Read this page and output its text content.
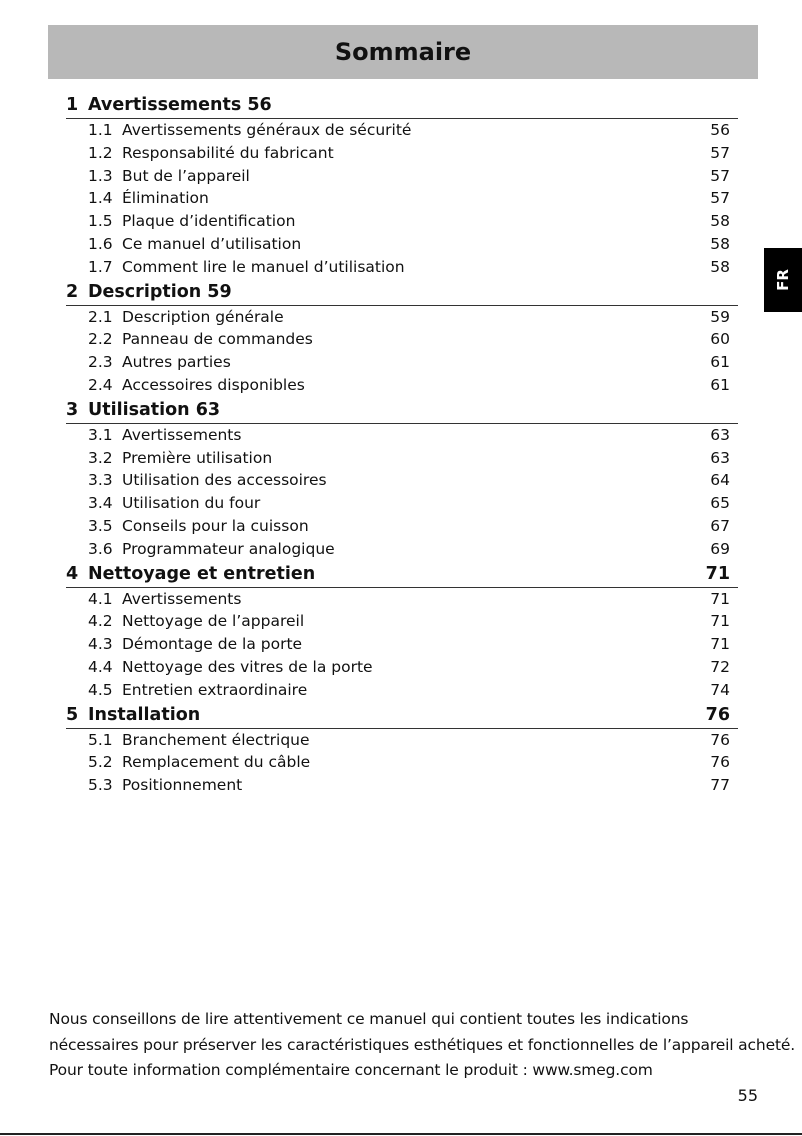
Sommaire
FR
1 Avertissements 56
1.1 Avertissements généraux de sécurité	56
1.2 Responsabilité du fabricant	57
1.3 But de l’appareil	57
1.4 Élimination	57
1.5 Plaque d’identification	58
1.6 Ce manuel d’utilisation	58
1.7 Comment lire le manuel d’utilisation	58
2 Description 59
2.1 Description générale	59
2.2 Panneau de commandes	60
2.3 Autres parties	61
2.4 Accessoires disponibles	61
3 Utilisation 63
3.1 Avertissements	63
3.2 Première utilisation	63
3.3 Utilisation des accessoires	64
3.4 Utilisation du four	65
3.5 Conseils pour la cuisson	67
3.6 Programmateur analogique	69
4 Nettoyage et entretien	71
4.1 Avertissements	71
4.2 Nettoyage de l’appareil	71
4.3 Démontage de la porte	71
4.4 Nettoyage des vitres de la porte	72
4.5 Entretien extraordinaire	74
5 Installation	76
5.1 Branchement électrique	76
5.2 Remplacement du câble	76
5.3 Positionnement	77

Nous conseillons de lire attentivement ce manuel qui contient toutes les indications

nécessaires pour préserver les caractéristiques esthétiques et fonctionnelles de l’appareil acheté.

Pour toute information complémentaire concernant le produit : www.smeg.com

55
